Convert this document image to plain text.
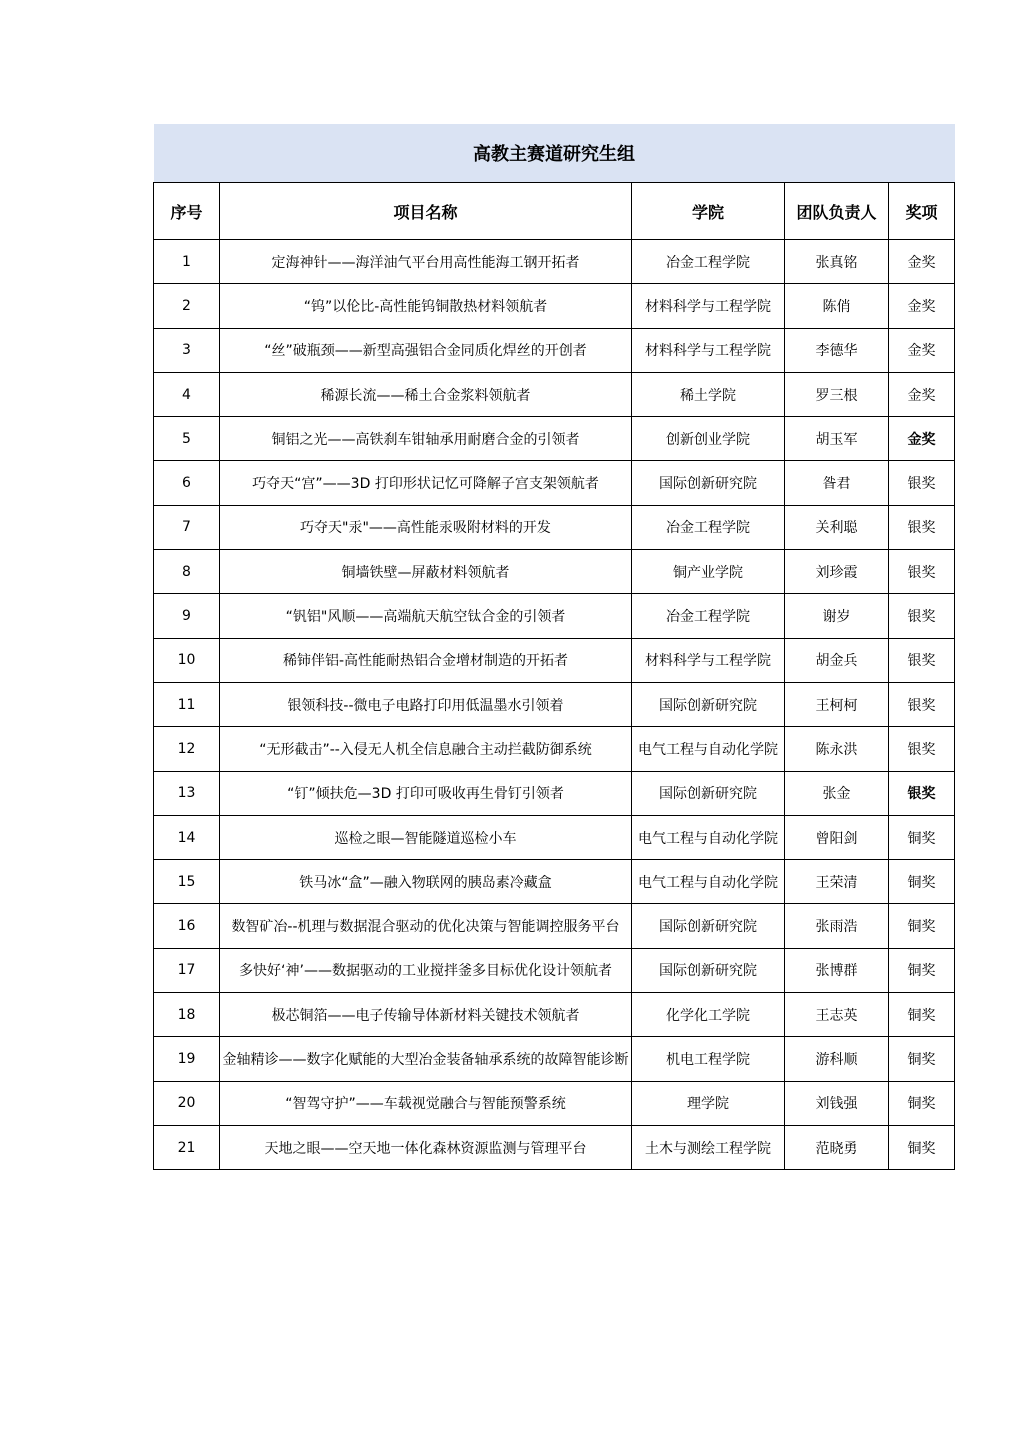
高教主赛道研究生组				
序号	项目名称	学院	团队负责人	奖项
1	定海神针——海洋油气平台用高性能海工钢开拓者	冶金工程学院	张真铭	金奖
2	“钨”以伦比-高性能钨铜散热材料领航者	材料科学与工程学院	陈俏	金奖
3	“丝”破瓶颈——新型高强铝合金同质化焊丝的开创者	材料科学与工程学院	李德华	金奖
4	稀源长流——稀土合金浆料领航者	稀土学院	罗三根	金奖
5	铜铝之光——高铁刹车钳轴承用耐磨合金的引领者	创新创业学院	胡玉军	金奖
6	巧夺天“宫”——3D 打印形状记忆可降解子宫支架领航者	国际创新研究院	昝君	银奖
7	巧夺天"汞"——高性能汞吸附材料的开发	冶金工程学院	关利聪	银奖
8	铜墙铁壁—屏蔽材料领航者	铜产业学院	刘珍霞	银奖
9	“钒铝"风顺——高端航天航空钛合金的引领者	冶金工程学院	谢岁	银奖
10	稀铈伴铝-高性能耐热铝合金增材制造的开拓者	材料科学与工程学院	胡金兵	银奖
11	银领科技--微电子电路打印用低温墨水引领着	国际创新研究院	王柯柯	银奖
12	“无形截击”--入侵无人机全信息融合主动拦截防御系统	电气工程与自动化学院	陈永洪	银奖
13	“钉”倾扶危—3D 打印可吸收再生骨钉引领者	国际创新研究院	张金	银奖
14	巡检之眼—智能隧道巡检小车	电气工程与自动化学院	曾阳剑	铜奖
15	铁马冰“盒”—融入物联网的胰岛素冷藏盒	电气工程与自动化学院	王荣清	铜奖
16	数智矿冶--机理与数据混合驱动的优化决策与智能调控服务平台	国际创新研究院	张雨浩	铜奖
17	多快好‘神’——数据驱动的工业搅拌釜多目标优化设计领航者	国际创新研究院	张博群	铜奖
18	极芯铜箔——电子传输导体新材料关键技术领航者	化学化工学院	王志英	铜奖
19	金轴精诊——数字化赋能的大型冶金装备轴承系统的故障智能诊断	机电工程学院	游科顺	铜奖
20	“智驾守护”——车载视觉融合与智能预警系统	理学院	刘钱强	铜奖
21	天地之眼——空天地一体化森林资源监测与管理平台	土木与测绘工程学院	范晓勇	铜奖
